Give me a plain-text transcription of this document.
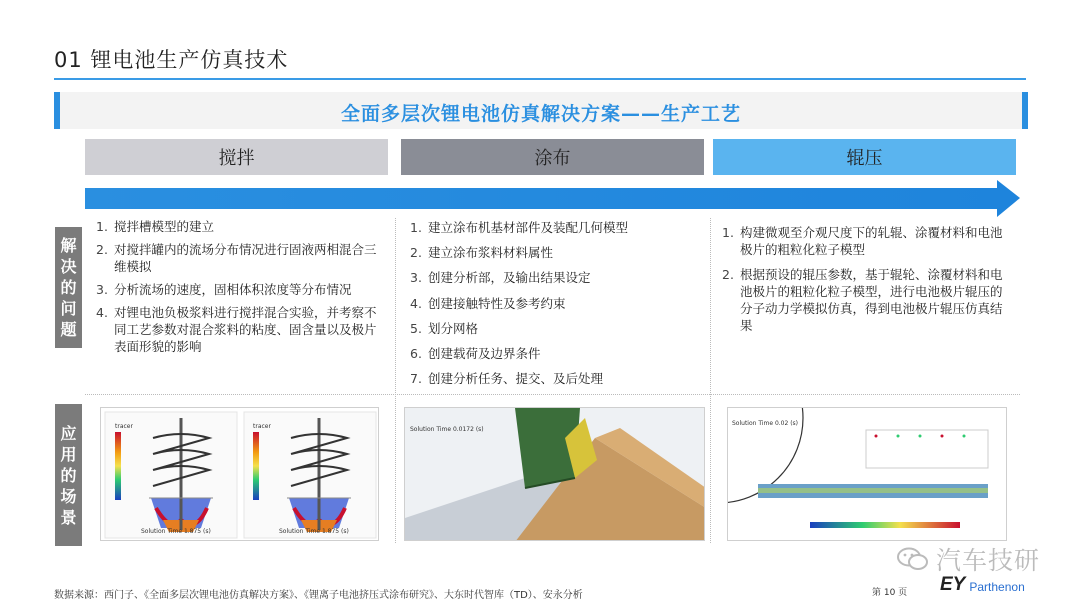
01 锂电池生产仿真技术
全面多层次锂电池仿真解决方案——生产工艺
搅拌	涂布	辊压
解
决
的
问
题
应
用
的
场
景
1. 搅拌槽模型的建立
2. 对搅拌罐内的流场分布情况进行固液两相混合三维模拟
3. 分析流场的速度，固相体积浓度等分布情况
4. 对锂电池负极浆料进行搅拌混合实验，并考察不同工艺参数对混合浆料的粘度、固含量以及极片表面形貌的影响
1. 建立涂布机基材部件及装配几何模型
2. 建立涂布浆料材料属性
3. 创建分析部，及输出结果设定
4. 创建接触特性及参考约束
5. 划分网格
6. 创建载荷及边界条件
7. 创建分析任务、提交、及后处理
1. 构建微观至介观尺度下的轧辊、涂覆材料和电池极片的粗粒化粒子模型
2. 根据预设的辊压参数，基于辊轮、涂覆材料和电池极片的粗粒化粒子模型，进行电池极片辊压的分子动力学模拟仿真，得到电池极片辊压仿真结果
tracer	tracer
Solution Time 1.875 (s)	Solution Time 1.875 (s)
Solution Time 0.0172 (s)
Solution Time 0.02 (s)
数据来源：西门子、《全面多层次锂电池仿真解决方案》、《锂离子电池挤压式涂布研究》、大东时代智库（TD）、安永分析	第 10 页
汽车技研
EY Parthenon
